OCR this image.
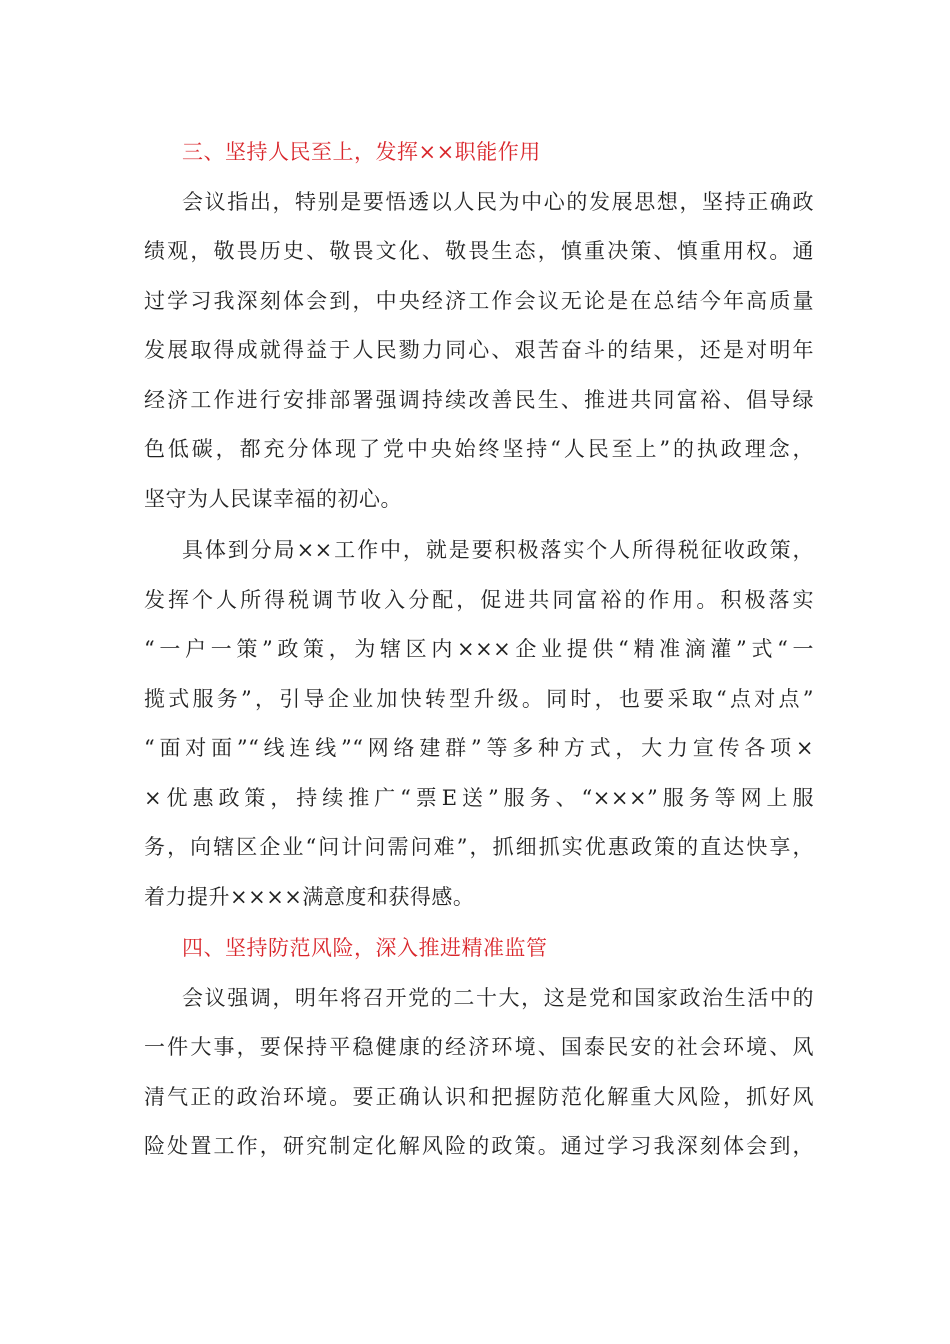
三、坚持人民至上，发挥××职能作用
会议指出，特别是要悟透以人民为中心的发展思想，坚持正确政
绩观，敬畏历史、敬畏文化、敬畏生态，慎重决策、慎重用权。通
过学习我深刻体会到，中央经济工作会议无论是在总结今年高质量
发展取得成就得益于人民勠力同心、艰苦奋斗的结果，还是对明年
经济工作进行安排部署强调持续改善民生、推进共同富裕、倡导绿
色低碳，都充分体现了党中央始终坚持“人民至上”的执政理念，
坚守为人民谋幸福的初心。
具体到分局××工作中，就是要积极落实个人所得税征收政策，
发挥个人所得税调节收入分配，促进共同富裕的作用。积极落实
“一户一策”政策，为辖区内×××企业提供“精准滴灌”式“一
揽式服务”，引导企业加快转型升级。同时，也要采取“点对点”
“面对面”“线连线”“网络建群”等多种方式，大力宣传各项×
×优惠政策，持续推广“票E送”服务、“×××”服务等网上服
务，向辖区企业“问计问需问难”，抓细抓实优惠政策的直达快享，
着力提升××××满意度和获得感。
四、坚持防范风险，深入推进精准监管
会议强调，明年将召开党的二十大，这是党和国家政治生活中的
一件大事，要保持平稳健康的经济环境、国泰民安的社会环境、风
清气正的政治环境。要正确认识和把握防范化解重大风险，抓好风
险处置工作，研究制定化解风险的政策。通过学习我深刻体会到，
